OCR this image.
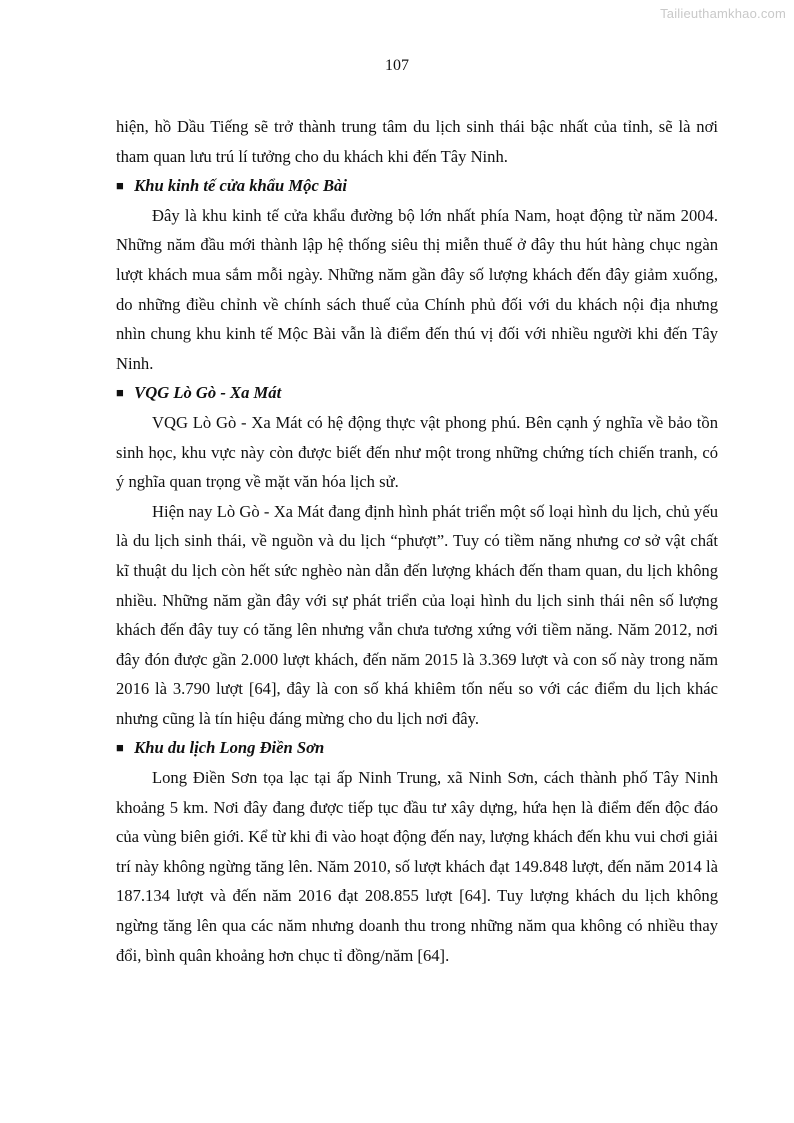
Tailieuthamkhao.com
107

hiện, hồ Dầu Tiếng sẽ trở thành trung tâm du lịch sinh thái bậc nhất của tỉnh, sẽ là nơi tham quan lưu trú lí tưởng cho du khách khi đến Tây Ninh.

■ Khu kinh tế cửa khẩu Mộc Bài

Đây là khu kinh tế cửa khẩu đường bộ lớn nhất phía Nam, hoạt động từ năm 2004. Những năm đầu mới thành lập hệ thống siêu thị miễn thuế ở đây thu hút hàng chục ngàn lượt khách mua sắm mỗi ngày. Những năm gần đây số lượng khách đến đây giảm xuống, do những điều chỉnh về chính sách thuế của Chính phủ đối với du khách nội địa nhưng nhìn chung khu kinh tế Mộc Bài vẫn là điểm đến thú vị đối với nhiều người khi đến Tây Ninh.

■ VQG Lò Gò - Xa Mát

VQG Lò Gò - Xa Mát có hệ động thực vật phong phú. Bên cạnh ý nghĩa về bảo tồn sinh học, khu vực này còn được biết đến như một trong những chứng tích chiến tranh, có ý nghĩa quan trọng về mặt văn hóa lịch sử.

Hiện nay Lò Gò - Xa Mát đang định hình phát triển một số loại hình du lịch, chủ yếu là du lịch sinh thái, về nguồn và du lịch “phượt”. Tuy có tiềm năng nhưng cơ sở vật chất kĩ thuật du lịch còn hết sức nghèo nàn dẫn đến lượng khách đến tham quan, du lịch không nhiều. Những năm gần đây với sự phát triển của loại hình du lịch sinh thái nên số lượng khách đến đây tuy có tăng lên nhưng vẫn chưa tương xứng với tiềm năng. Năm 2012, nơi đây đón được gần 2.000 lượt khách, đến năm 2015 là 3.369 lượt và con số này trong năm 2016 là 3.790 lượt [64], đây là con số khá khiêm tốn nếu so với các điểm du lịch khác nhưng cũng là tín hiệu đáng mừng cho du lịch nơi đây.

■ Khu du lịch Long Điền Sơn

Long Điền Sơn tọa lạc tại ấp Ninh Trung, xã Ninh Sơn, cách thành phố Tây Ninh khoảng 5 km. Nơi đây đang được tiếp tục đầu tư xây dựng, hứa hẹn là điểm đến độc đáo của vùng biên giới. Kể từ khi đi vào hoạt động đến nay, lượng khách đến khu vui chơi giải trí này không ngừng tăng lên. Năm 2010, số lượt khách đạt 149.848 lượt, đến năm 2014 là 187.134 lượt và đến năm 2016 đạt 208.855 lượt [64]. Tuy lượng khách du lịch không ngừng tăng lên qua các năm nhưng doanh thu trong những năm qua không có nhiều thay đổi, bình quân khoảng hơn chục tỉ đồng/năm [64].
